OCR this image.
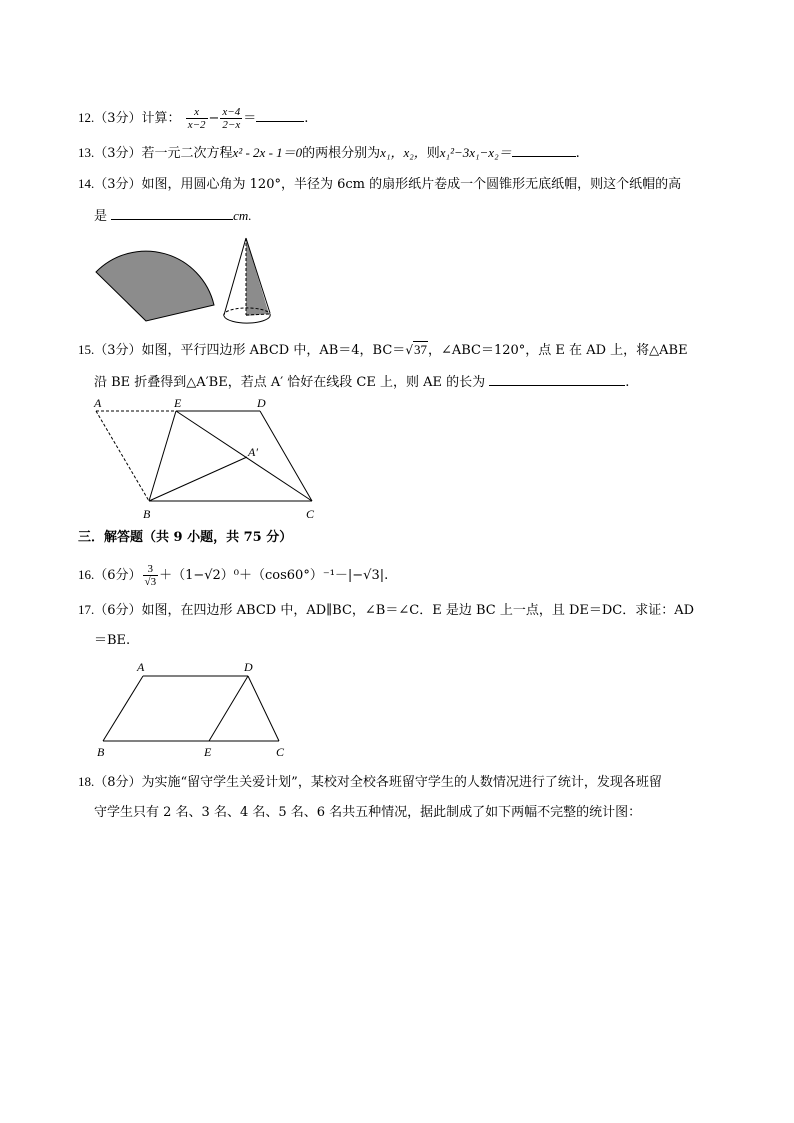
12.（3分）计算： $\frac{x}{x-2} - \frac{x-4}{2-x}$ ＝	.
13.（3分）若一元二次方程x² - 2x - 1＝0的两根分别为x₁，x₂，则x₁²−3x₁−x₂＝	.
14.（3分）如图，用圆心角为 120°，半径为 6cm 的扇形纸片卷成一个圆锥形无底纸帽，则这个纸帽的高
是	cm.
15.（3分）如图，平行四边形 ABCD 中，AB＝4，BC＝√37，∠ABC＝120°，点 E 在 AD 上，将△ABE
沿 BE 折叠得到△A′BE，若点 A′ 恰好在线段 CE 上，则 AE 的长为	.
A	E	D
A′
B	C
三．解答题（共 9 小题，共 75 分）
16.（6分） $\frac{3}{√3} +(1-√2)^0+(\cos 60^\circ)^{-1}-|-√3|$.
17.（6分）如图，在四边形 ABCD 中，AD∥BC，∠B＝∠C．E 是边 BC 上一点，且 DE＝DC．求证：AD
＝BE.
A	D
B	E	C
18.（8分）为实施“留守学生关爱计划”，某校对全校各班留守学生的人数情况进行了统计，发现各班留
守学生只有 2 名、3 名、4 名、5 名、6 名共五种情况，据此制成了如下两幅不完整的统计图：
